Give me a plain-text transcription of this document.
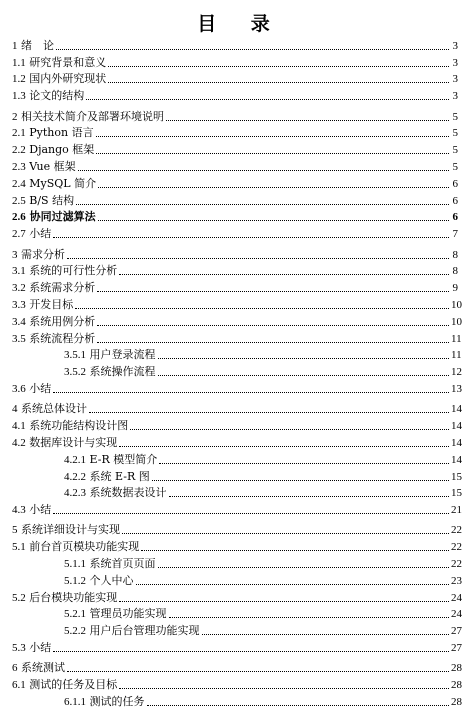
目 录
1 绪　论	3
1.1 研究背景和意义	3
1.2 国内外研究现状	3
1.3 论文的结构	3
2 相关技术简介及部署环境说明	5
2.1 Python 语言	5
2.2 Django 框架	5
2.3 Vue 框架	5
2.4 MySQL 简介	6
2.5 B/S 结构	6
2.6 协同过滤算法	6
2.7 小结	7
3 需求分析	8
3.1 系统的可行性分析	8
3.2 系统需求分析	9
3.3 开发目标	10
3.4 系统用例分析	10
3.5 系统流程分析	11
3.5.1 用户登录流程	11
3.5.2 系统操作流程	12
3.6 小结	13
4 系统总体设计	14
4.1 系统功能结构设计图	14
4.2 数据库设计与实现	14
4.2.1 E-R 模型简介	14
4.2.2 系统 E-R 图	15
4.2.3 系统数据表设计	15
4.3 小结	21
5 系统详细设计与实现	22
5.1 前台首页模块功能实现	22
5.1.1 系统首页页面	22
5.1.2 个人中心	23
5.2 后台模块功能实现	24
5.2.1 管理员功能实现	24
5.2.2 用户后台管理功能实现	27
5.3 小结	27
6 系统测试	28
6.1 测试的任务及目标	28
6.1.1 测试的任务	28
